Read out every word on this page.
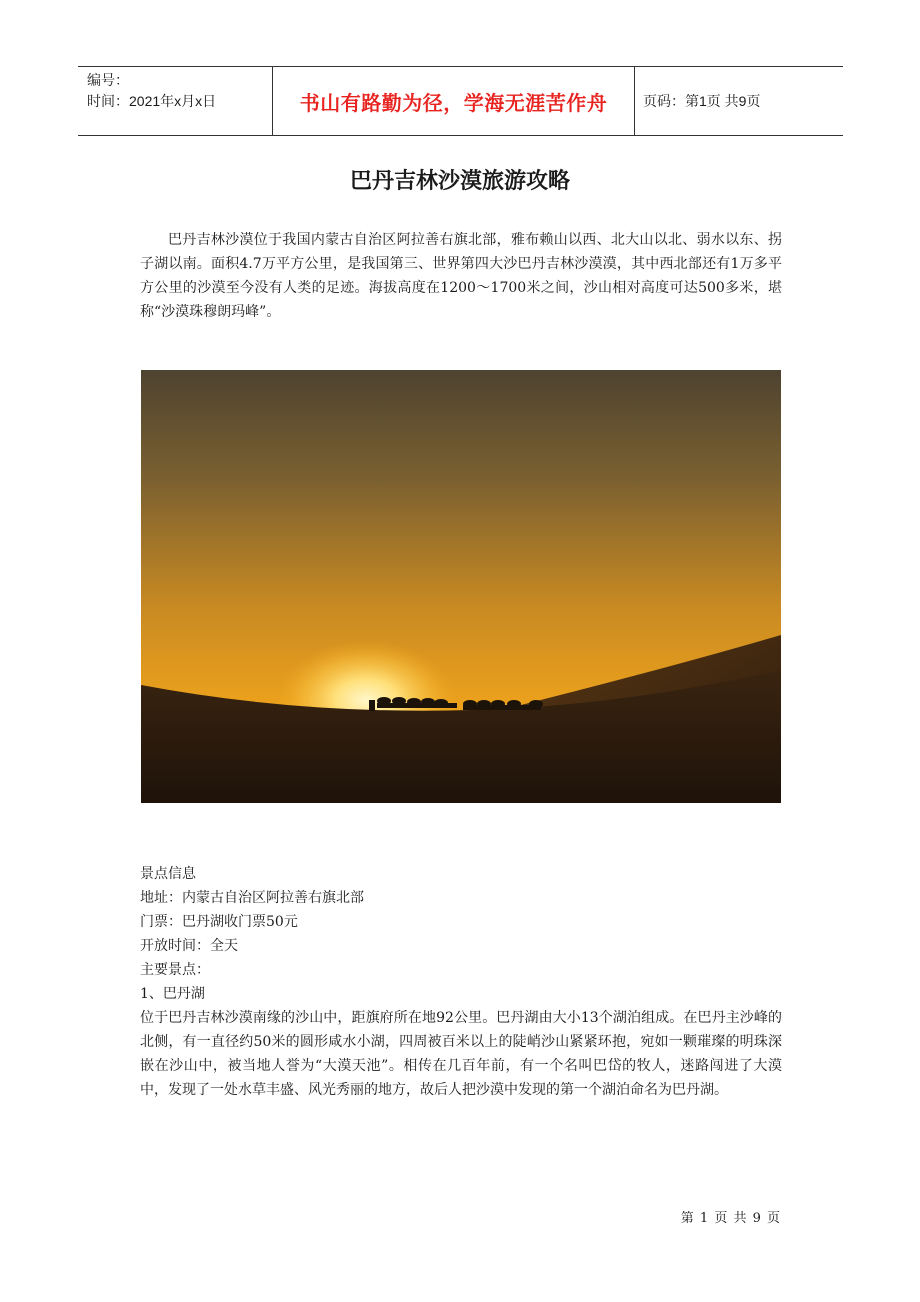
编号：
时间：2021年x月x日	书山有路勤为径，学海无涯苦作舟	页码：第1页 共9页
巴丹吉林沙漠旅游攻略
巴丹吉林沙漠位于我国内蒙古自治区阿拉善右旗北部，雅布赖山以西、北大山以北、弱水以东、拐子湖以南。面积4.7万平方公里，是我国第三、世界第四大沙巴丹吉林沙漠漠，其中西北部还有1万多平方公里的沙漠至今没有人类的足迹。海拔高度在1200～1700米之间，沙山相对高度可达500多米，堪称“沙漠珠穆朗玛峰”。
景点信息
地址：内蒙古自治区阿拉善右旗北部
门票：巴丹湖收门票50元
开放时间：全天
主要景点：
1、巴丹湖
位于巴丹吉林沙漠南缘的沙山中，距旗府所在地92公里。巴丹湖由大小13个湖泊组成。在巴丹主沙峰的北侧，有一直径约50米的圆形咸水小湖，四周被百米以上的陡峭沙山紧紧环抱，宛如一颗璀璨的明珠深嵌在沙山中，被当地人誉为“大漠天池”。相传在几百年前，有一个名叫巴岱的牧人，迷路闯进了大漠中，发现了一处水草丰盛、风光秀丽的地方，故后人把沙漠中发现的第一个湖泊命名为巴丹湖。
第 1 页 共 9 页
